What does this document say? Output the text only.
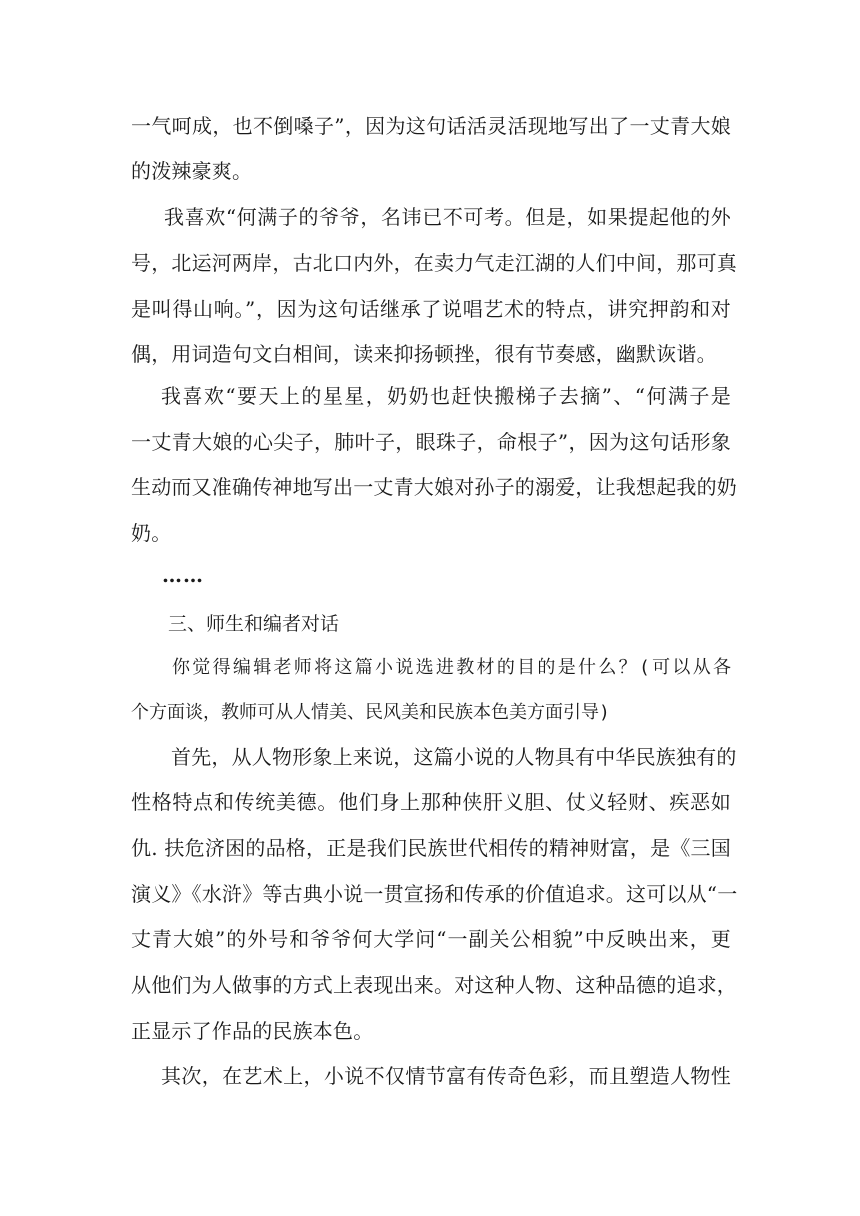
一气呵成，也不倒嗓子”，因为这句话活灵活现地写出了一丈青大娘
的泼辣豪爽。
我喜欢“何满子的爷爷，名讳已不可考。但是，如果提起他的外
号，北运河两岸，古北口内外，在卖力气走江湖的人们中间，那可真
是叫得山响。”，因为这句话继承了说唱艺术的特点，讲究押韵和对
偶，用词造句文白相间，读来抑扬顿挫，很有节奏感，幽默诙谐。
我喜欢“要天上的星星，奶奶也赶快搬梯子去摘”、“何满子是
一丈青大娘的心尖子，肺叶子，眼珠子，命根子”，因为这句话形象
生动而又准确传神地写出一丈青大娘对孙子的溺爱，让我想起我的奶
奶。
……
三、师生和编者对话
你觉得编辑老师将这篇小说选进教材的目的是什么？(可以从各
个方面谈，教师可从人情美、民风美和民族本色美方面引导)
首先，从人物形象上来说，这篇小说的人物具有中华民族独有的
性格特点和传统美德。他们身上那种侠肝义胆、仗义轻财、疾恶如
仇. 扶危济困的品格，正是我们民族世代相传的精神财富，是《三国
演义》《水浒》等古典小说一贯宣扬和传承的价值追求。这可以从“一
丈青大娘”的外号和爷爷何大学问“一副关公相貌”中反映出来，更
从他们为人做事的方式上表现出来。对这种人物、这种品德的追求，
正显示了作品的民族本色。
其次，在艺术上，小说不仅情节富有传奇色彩，而且塑造人物性
